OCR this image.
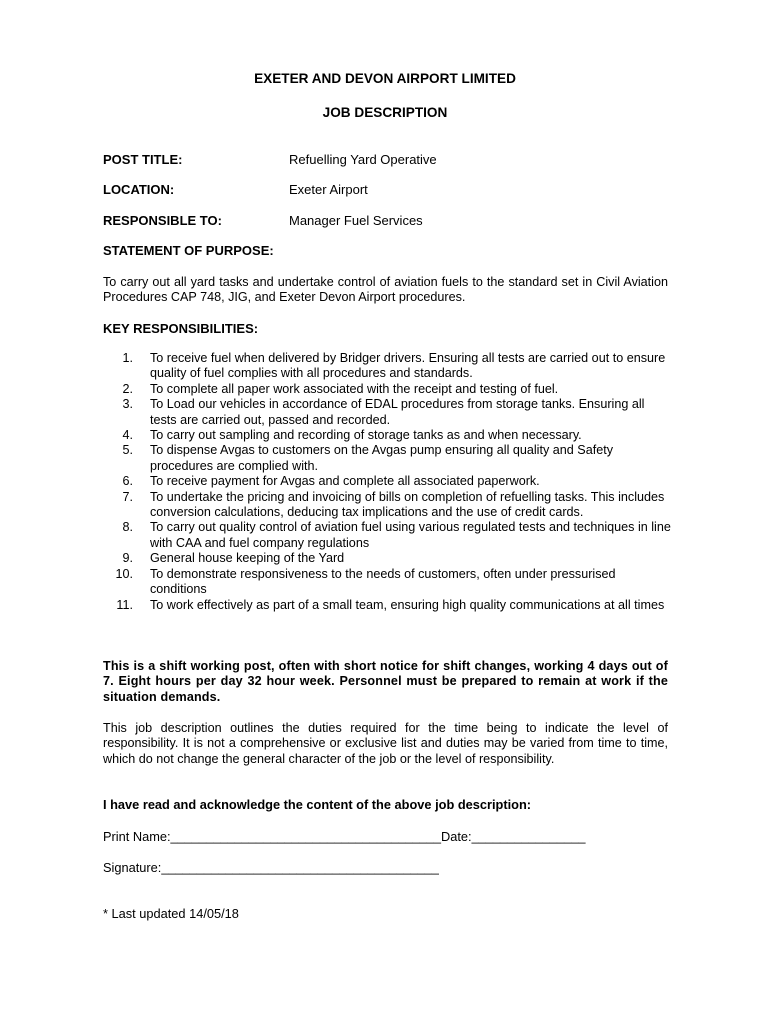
EXETER AND DEVON AIRPORT LIMITED
JOB DESCRIPTION
POST TITLE:	Refuelling Yard Operative
LOCATION:	Exeter Airport
RESPONSIBLE TO:	Manager Fuel Services
STATEMENT OF PURPOSE:
To carry out all yard tasks and undertake control of aviation fuels to the standard set in Civil Aviation Procedures CAP 748, JIG, and Exeter Devon Airport procedures.
KEY RESPONSIBILITIES:
1. To receive fuel when delivered by Bridger drivers. Ensuring all tests are carried out to ensure quality of fuel complies with all procedures and standards.
2. To complete all paper work associated with the receipt and testing of fuel.
3. To Load our vehicles in accordance of EDAL procedures from storage tanks. Ensuring all tests are carried out, passed and recorded.
4. To carry out sampling and recording of storage tanks as and when necessary.
5. To dispense Avgas to customers on the Avgas pump ensuring all quality and Safety procedures are complied with.
6. To receive payment for Avgas and complete all associated paperwork.
7. To undertake the pricing and invoicing of bills on completion of refuelling tasks. This includes conversion calculations, deducing tax implications and the use of credit cards.
8. To carry out quality control of aviation fuel using various regulated tests and techniques in line with CAA and fuel company regulations
9. General house keeping of the Yard
10. To demonstrate responsiveness to the needs of customers, often under pressurised conditions
11. To work effectively as part of a small team, ensuring high quality communications at all times
This is a shift working post, often with short notice for shift changes, working 4 days out of 7. Eight hours per day 32 hour week. Personnel must be prepared to remain at work if the situation demands.
This job description outlines the duties required for the time being to indicate the level of responsibility. It is not a comprehensive or exclusive list and duties may be varied from time to time, which do not change the general character of the job or the level of responsibility.
I have read and acknowledge the content of the above job description:
Print Name:______________________________________Date:________________
Signature:_______________________________________
* Last updated 14/05/18
